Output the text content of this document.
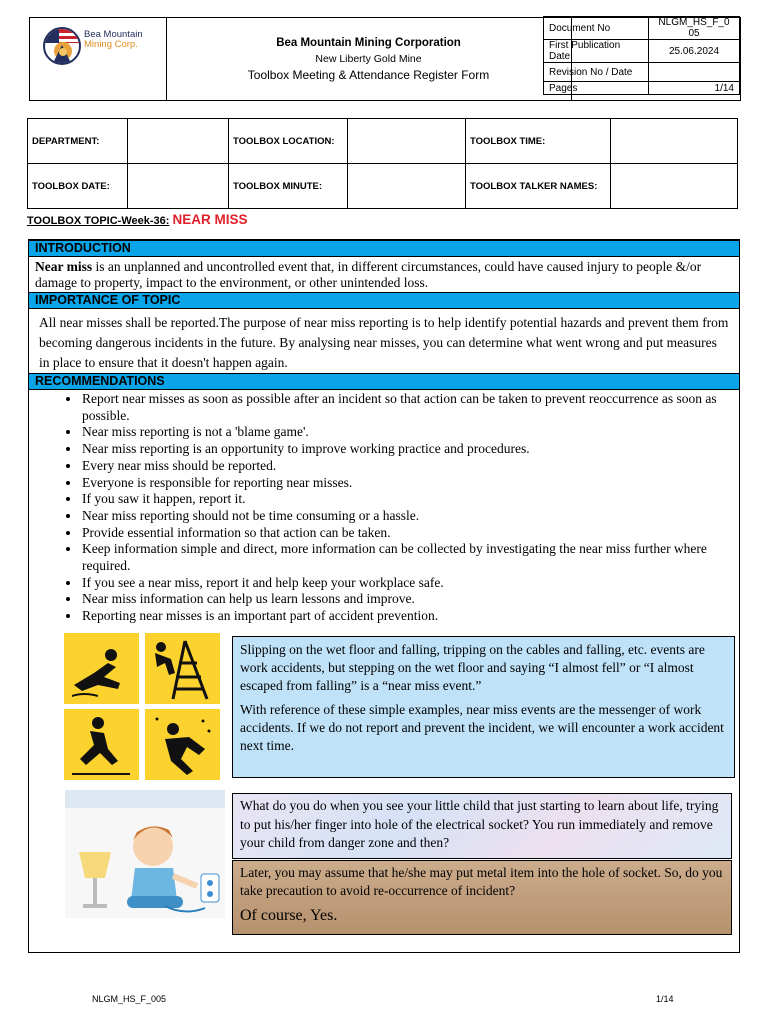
Bea Mountain
Mining Corp.	Bea Mountain Mining Corporation
New Liberty Gold Mine
Toolbox Meeting & Attendance Register Form
Document No	NLGM_HS_F_0
05
First Publication Date	25.06.2024
Revision No / Date	
Pages	1/14
DEPARTMENT:		TOOLBOX LOCATION:		TOOLBOX TIME:	
TOOLBOX DATE:		TOOLBOX MINUTE:		TOOLBOX TALKER NAMES:	
TOOLBOX TOPIC-Week-36: NEAR MISS
INTRODUCTION
Near miss is an unplanned and uncontrolled event that, in different circumstances, could have caused injury to people &/or damage to property, impact to the environment, or other unintended loss.
IMPORTANCE OF TOPIC
All near misses shall be reported.The purpose of near miss reporting is to help identify potential hazards and prevent them from becoming dangerous incidents in the future. By analysing near misses, you can determine what went wrong and put measures in place to ensure that it doesn't happen again.
RECOMMENDATIONS
• Report near misses as soon as possible after an incident so that action can be taken to prevent reoccurrence as soon as possible.
• Near miss reporting is not a 'blame game'.
• Near miss reporting is an opportunity to improve working practice and procedures.
• Every near miss should be reported.
• Everyone is responsible for reporting near misses.
• If you saw it happen, report it.
• Near miss reporting should not be time consuming or a hassle.
• Provide essential information so that action can be taken.
• Keep information simple and direct, more information can be collected by investigating the near miss further where required.
• If you see a near miss, report it and help keep your workplace safe.
• Near miss information can help us learn lessons and improve.
• Reporting near misses is an important part of accident prevention.
Slipping on the wet floor and falling, tripping on the cables and falling, etc. events are work accidents, but stepping on the wet floor and saying “I almost fell” or “I almost escaped from falling” is a “near miss event.”
With reference of these simple examples, near miss events are the messenger of work accidents. If we do not report and prevent the incident, we will encounter a work accident next time.
What do you do when you see your little child that just starting to learn about life, trying to put his/her finger into hole of the electrical socket? You run immediately and remove your child from danger zone and then?
Later, you may assume that he/she may put metal item into the hole of socket. So, do you take precaution to avoid re-occurrence of incident?
Of course, Yes.
NLGM_HS_F_005	1/14
